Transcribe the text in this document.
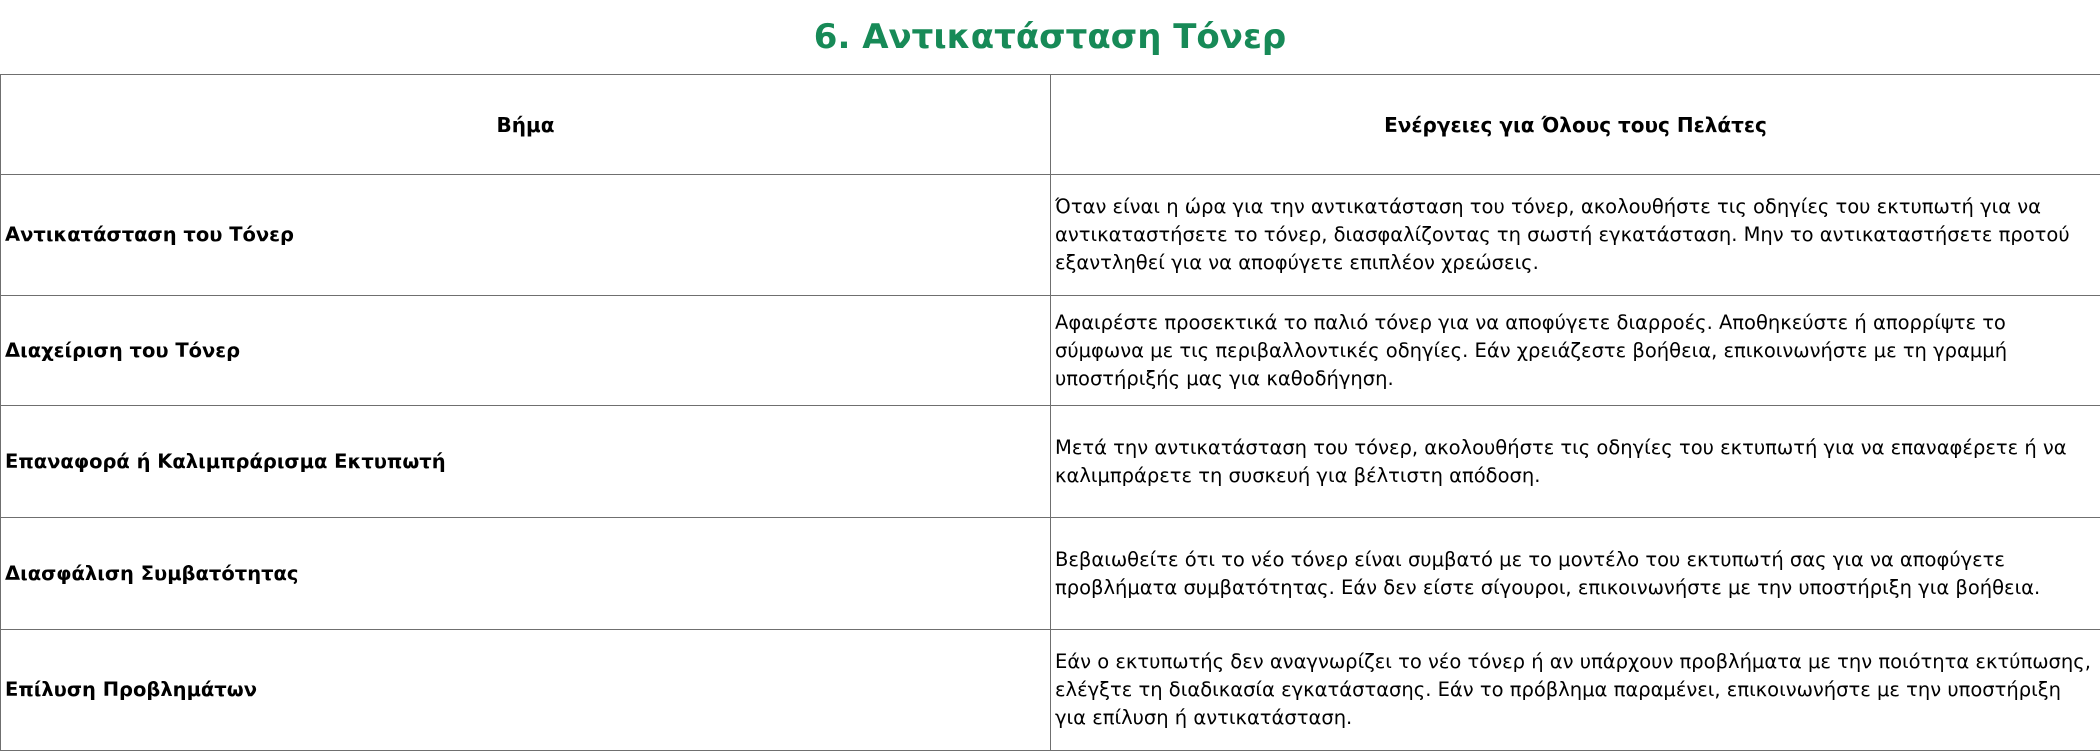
6. Αντικατάσταση Τόνερ
Βήμα	Ενέργειες για Όλους τους Πελάτες
Αντικατάσταση του Τόνερ	Όταν είναι η ώρα για την αντικατάσταση του τόνερ, ακολουθήστε τις οδηγίες του εκτυπωτή για να αντικαταστήσετε το τόνερ, διασφαλίζοντας τη σωστή εγκατάσταση. Μην το αντικαταστήσετε προτού εξαντληθεί για να αποφύγετε επιπλέον χρεώσεις.
Διαχείριση του Τόνερ	Αφαιρέστε προσεκτικά το παλιό τόνερ για να αποφύγετε διαρροές. Αποθηκεύστε ή απορρίψτε το σύμφωνα με τις περιβαλλοντικές οδηγίες. Εάν χρειάζεστε βοήθεια, επικοινωνήστε με τη γραμμή υποστήριξής μας για καθοδήγηση.
Επαναφορά ή Καλιμπράρισμα Εκτυπωτή	Μετά την αντικατάσταση του τόνερ, ακολουθήστε τις οδηγίες του εκτυπωτή για να επαναφέρετε ή να καλιμπράρετε τη συσκευή για βέλτιστη απόδοση.
Διασφάλιση Συμβατότητας	Βεβαιωθείτε ότι το νέο τόνερ είναι συμβατό με το μοντέλο του εκτυπωτή σας για να αποφύγετε προβλήματα συμβατότητας. Εάν δεν είστε σίγουροι, επικοινωνήστε με την υποστήριξη για βοήθεια.
Επίλυση Προβλημάτων	Εάν ο εκτυπωτής δεν αναγνωρίζει το νέο τόνερ ή αν υπάρχουν προβλήματα με την ποιότητα εκτύπωσης, ελέγξτε τη διαδικασία εγκατάστασης. Εάν το πρόβλημα παραμένει, επικοινωνήστε με την υποστήριξη για επίλυση ή αντικατάσταση.
